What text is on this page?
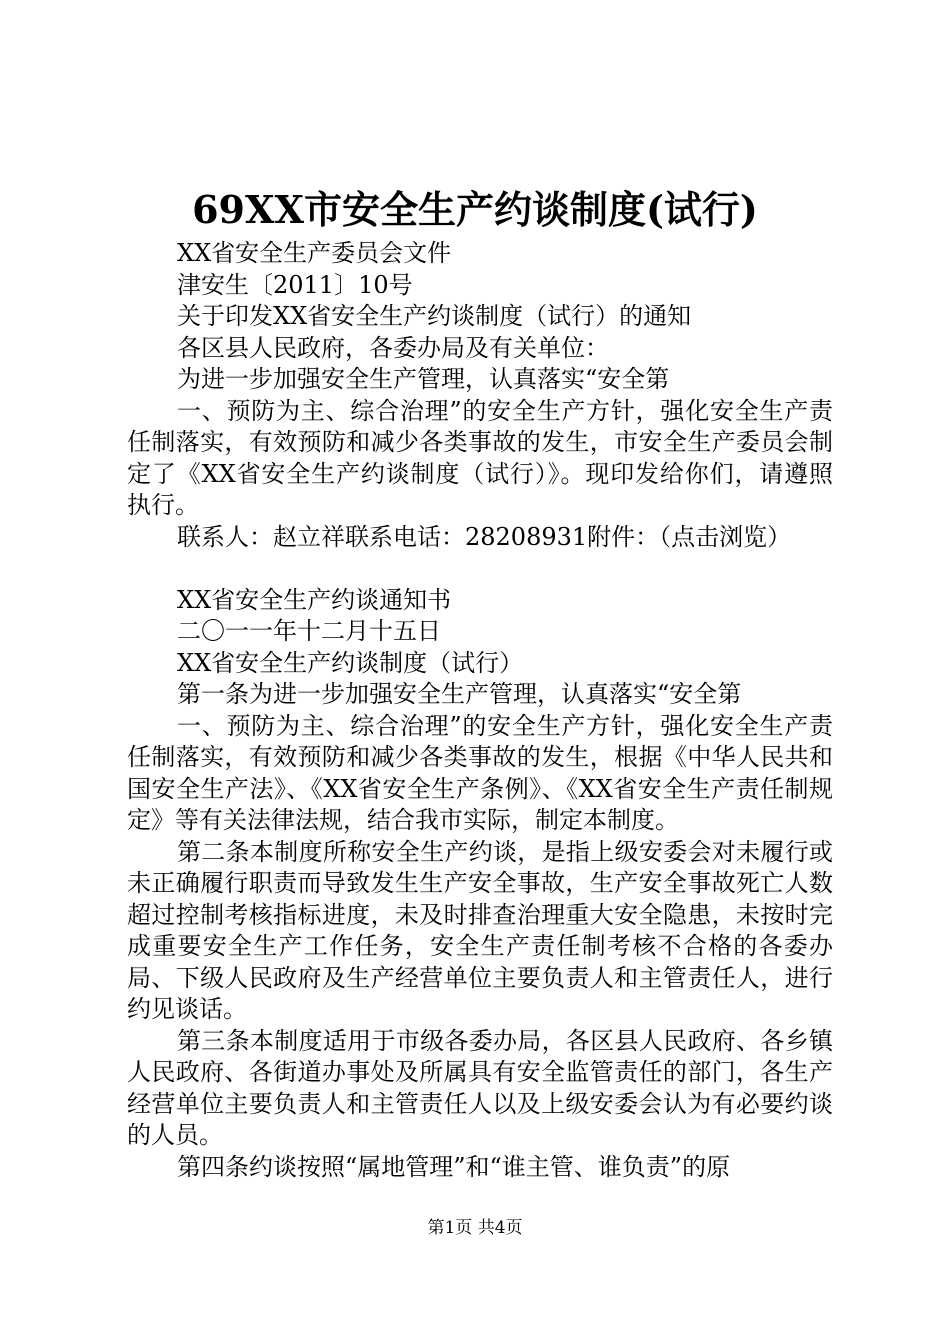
69XX市安全生产约谈制度(试行)

XX省安全生产委员会文件

津安生〔2011〕10号

关于印发XX省安全生产约谈制度（试行）的通知

各区县人民政府，各委办局及有关单位：

为进一步加强安全生产管理，认真落实“安全第

一、预防为主、综合治理”的安全生产方针，强化安全生产责任制落实，有效预防和减少各类事故的发生，市安全生产委员会制定了《XX省安全生产约谈制度（试行）》。现印发给你们，请遵照执行。

联系人：赵立祥联系电话：28208931附件：（点击浏览）

XX省安全生产约谈通知书

二〇一一年十二月十五日

XX省安全生产约谈制度（试行）

第一条为进一步加强安全生产管理，认真落实“安全第

一、预防为主、综合治理”的安全生产方针，强化安全生产责任制落实，有效预防和减少各类事故的发生，根据《中华人民共和国安全生产法》、《XX省安全生产条例》、《XX省安全生产责任制规定》等有关法律法规，结合我市实际，制定本制度。

第二条本制度所称安全生产约谈，是指上级安委会对未履行或未正确履行职责而导致发生生产安全事故，生产安全事故死亡人数超过控制考核指标进度，未及时排查治理重大安全隐患，未按时完成重要安全生产工作任务，安全生产责任制考核不合格的各委办局、下级人民政府及生产经营单位主要负责人和主管责任人，进行约见谈话。

第三条本制度适用于市级各委办局，各区县人民政府、各乡镇人民政府、各街道办事处及所属具有安全监管责任的部门，各生产经营单位主要负责人和主管责任人以及上级安委会认为有必要约谈的人员。

第四条约谈按照“属地管理”和“谁主管、谁负责”的原

第1页 共4页
